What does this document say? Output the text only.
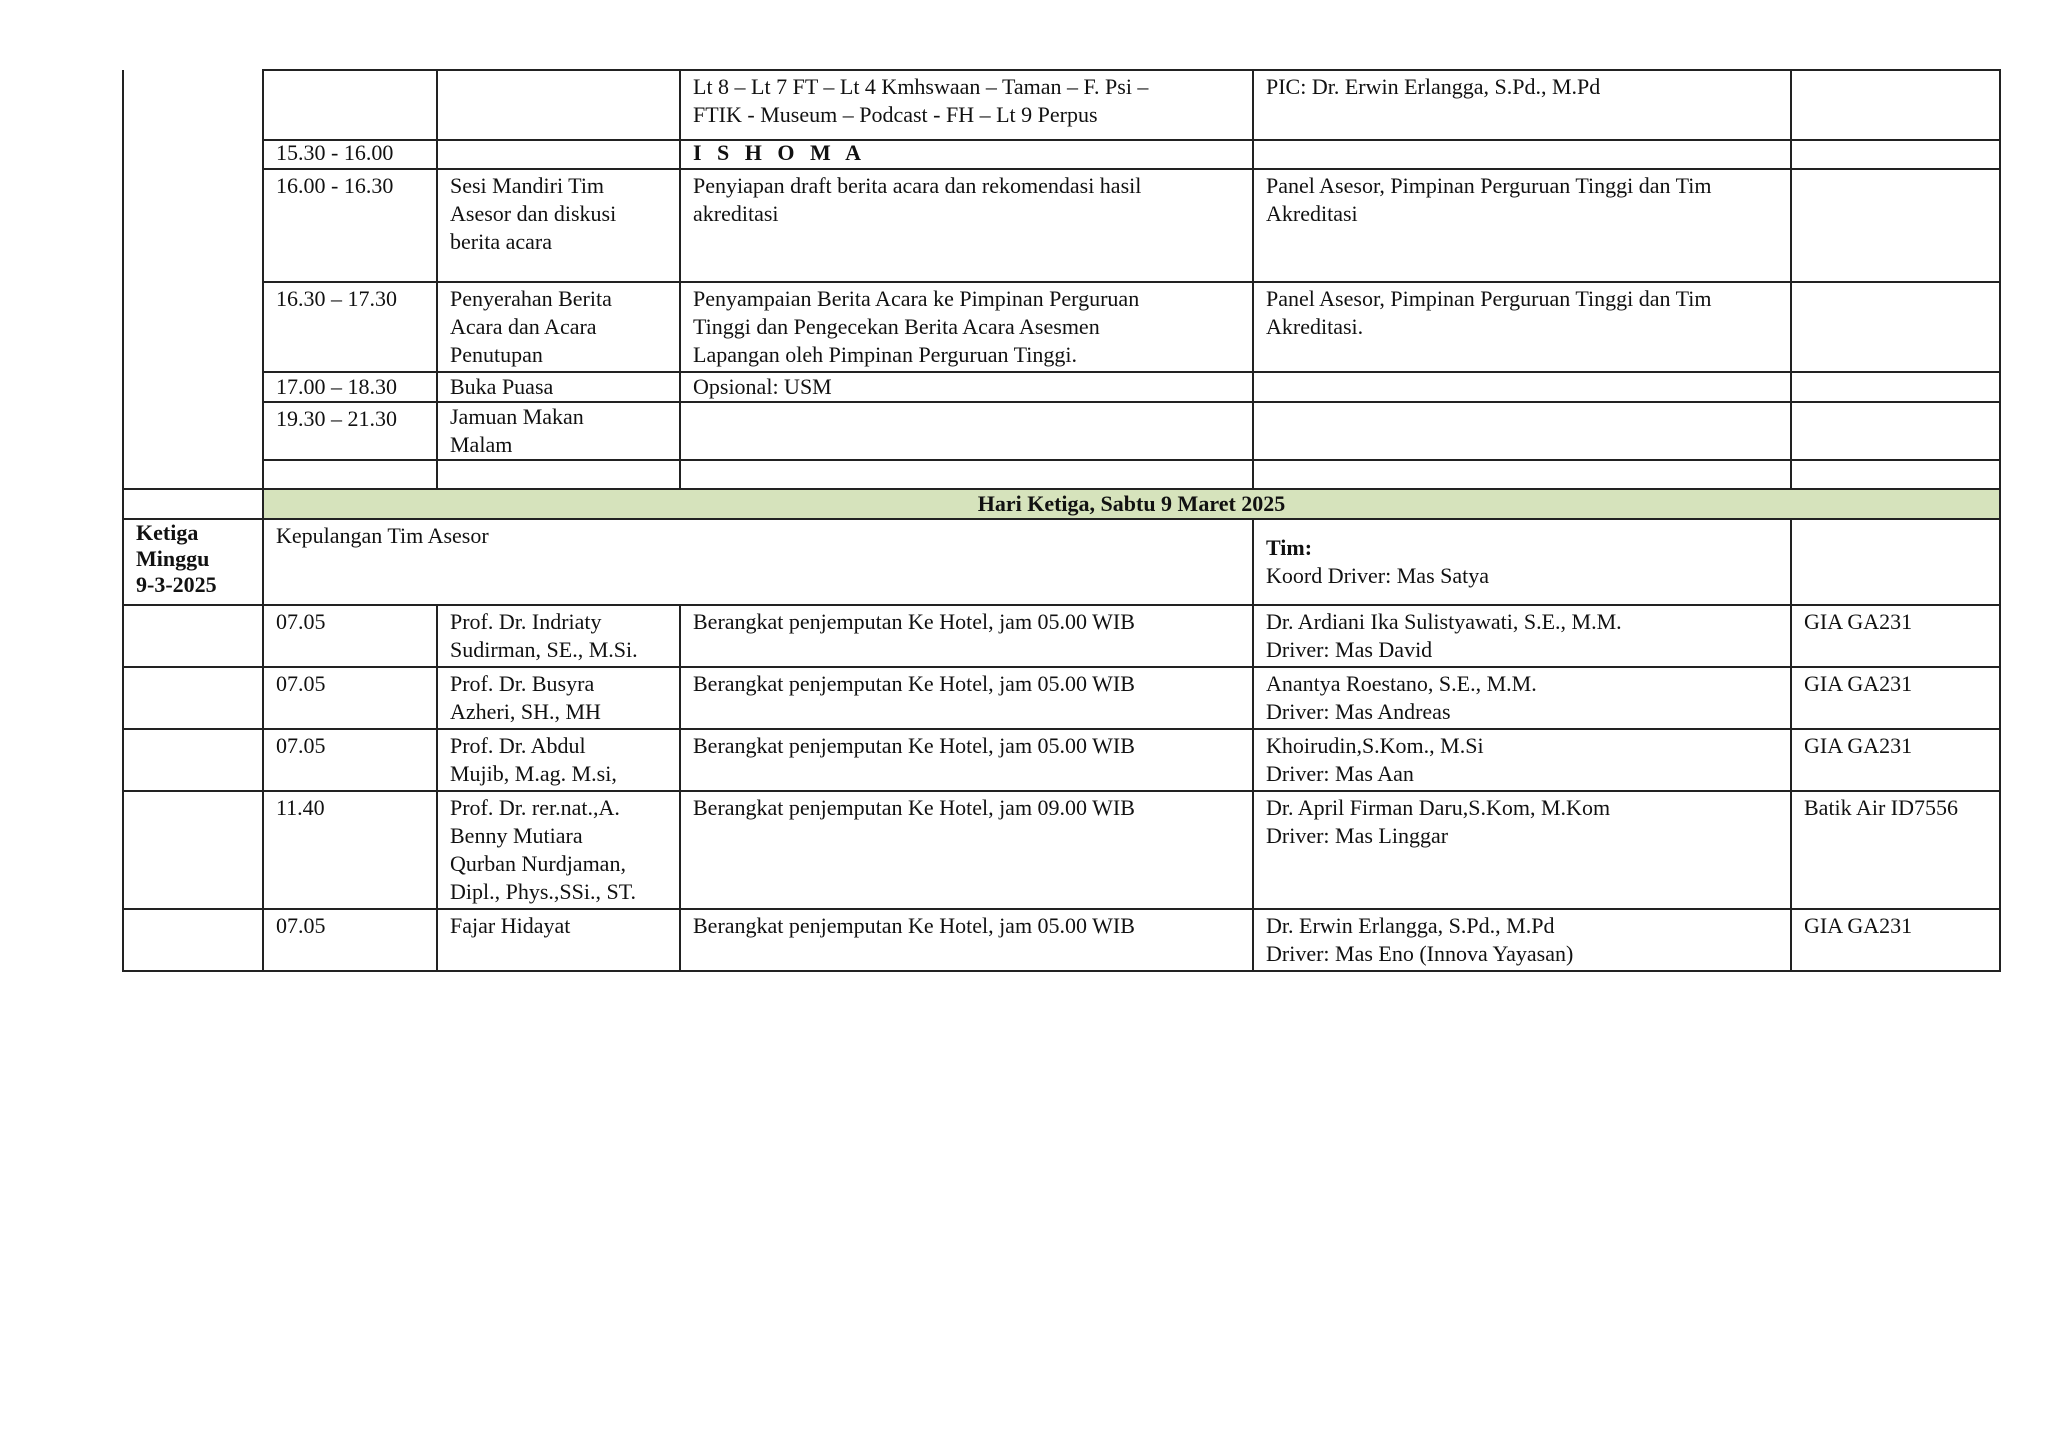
			Lt 8 – Lt 7 FT – Lt 4 Kmhswaan – Taman – F. Psi –
FTIK - Museum – Podcast - FH – Lt 9 Perpus	PIC: Dr. Erwin Erlangga, S.Pd., M.Pd	

	15.30 - 16.00		I S H O M A		
	16.00 - 16.30	Sesi Mandiri Tim
Asesor dan diskusi
berita acara	Penyiapan draft berita acara dan rekomendasi hasil
akreditasi	Panel Asesor, Pimpinan Perguruan Tinggi dan Tim
Akreditasi	

	16.30 – 17.30	Penyerahan Berita
Acara dan Acara
Penutupan	Penyampaian Berita Acara ke Pimpinan Perguruan
Tinggi dan Pengecekan Berita Acara Asesmen
Lapangan oleh Pimpinan Perguruan Tinggi.	Panel Asesor, Pimpinan Perguruan Tinggi dan Tim
Akreditasi.	

	17.00 – 18.30	Buka Puasa	Opsional: USM		

	19.30 – 21.30	Jamuan Makan
Malam			

	Hari Ketiga, Sabtu 9 Maret 2025				

Ketiga
Minggu
9-3-2025	Kepulangan Tim Asesor			Tim:
Koord Driver: Mas Satya	

	07.05	Prof. Dr. Indriaty
Sudirman, SE., M.Si.	Berangkat penjemputan Ke Hotel, jam 05.00 WIB	Dr. Ardiani Ika Sulistyawati, S.E., M.M.
Driver: Mas David	GIA GA231
	07.05	Prof. Dr. Busyra
Azheri, SH., MH	Berangkat penjemputan Ke Hotel, jam 05.00 WIB	Anantya Roestano, S.E., M.M.
Driver: Mas Andreas	GIA GA231
	07.05	Prof. Dr. Abdul
Mujib, M.ag. M.si,	Berangkat penjemputan Ke Hotel, jam 05.00 WIB	Khoirudin,S.Kom., M.Si
Driver: Mas Aan	GIA GA231
	11.40	Prof. Dr. rer.nat.,A.
Benny Mutiara
Qurban Nurdjaman,
Dipl., Phys.,SSi., ST.	Berangkat penjemputan Ke Hotel, jam 09.00 WIB	Dr. April Firman Daru,S.Kom, M.Kom
Driver: Mas Linggar	Batik Air ID7556
	07.05	Fajar Hidayat	Berangkat penjemputan Ke Hotel, jam 05.00 WIB	Dr. Erwin Erlangga, S.Pd., M.Pd
Driver: Mas Eno (Innova Yayasan)	GIA GA231
